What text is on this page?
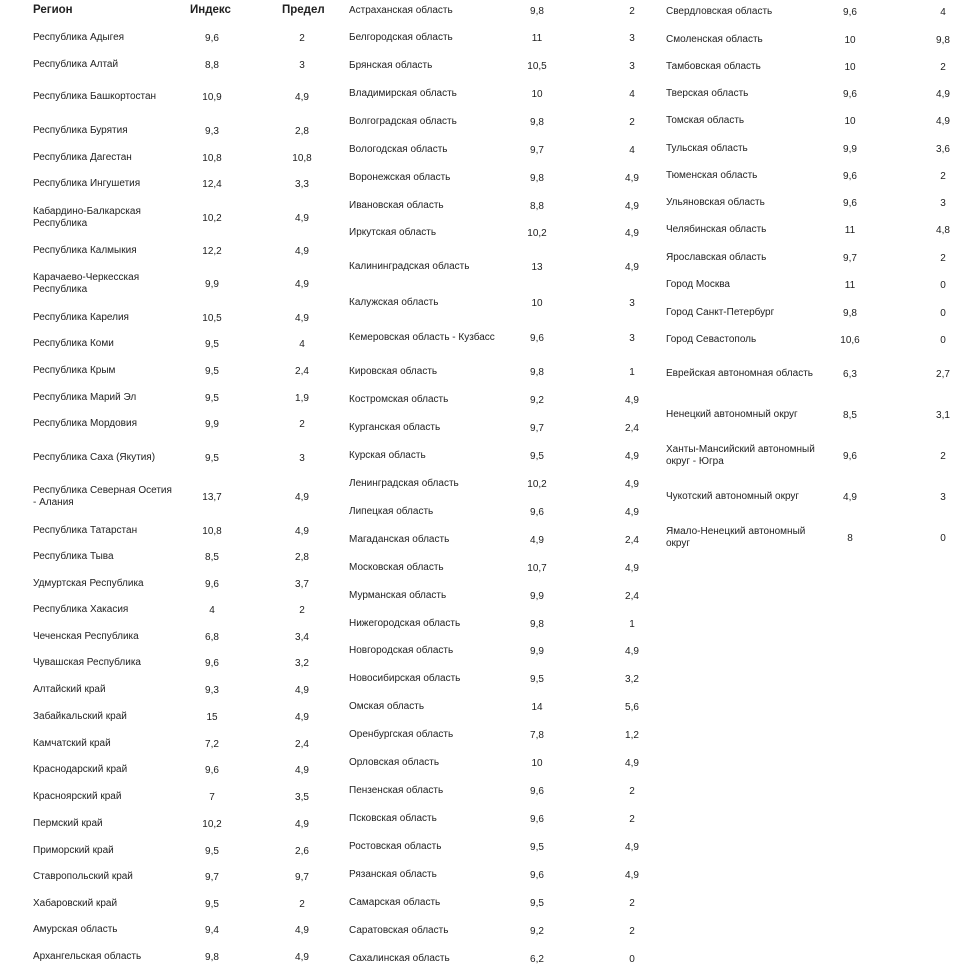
Регион	Индекс	Предел
Республика Адыгея	9,6	2
Республика Алтай	8,8	3
Республика Башкортостан	10,9	4,9
Республика Бурятия	9,3	2,8
Республика Дагестан	10,8	10,8
Республика Ингушетия	12,4	3,3
Кабардино-Балкарская Республика	10,2	4,9
Республика Калмыкия	12,2	4,9
Карачаево-Черкесская Республика	9,9	4,9
Республика Карелия	10,5	4,9
Республика Коми	9,5	4
Республика Крым	9,5	2,4
Республика Марий Эл	9,5	1,9
Республика Мордовия	9,9	2
Республика Саха (Якутия)	9,5	3
Республика Северная Осетия - Алания	13,7	4,9
Республика Татарстан	10,8	4,9
Республика Тыва	8,5	2,8
Удмуртская Республика	9,6	3,7
Республика Хакасия	4	2
Чеченская Республика	6,8	3,4
Чувашская Республика	9,6	3,2
Алтайский край	9,3	4,9
Забайкальский край	15	4,9
Камчатский край	7,2	2,4
Краснодарский край	9,6	4,9
Красноярский край	7	3,5
Пермский край	10,2	4,9
Приморский край	9,5	2,6
Ставропольский край	9,7	9,7
Хабаровский край	9,5	2
Амурская область	9,4	4,9
Архангельская область	9,8	4,9
Астраханская область	9,8	2
Белгородская область	11	3
Брянская область	10,5	3
Владимирская область	10	4
Волгоградская область	9,8	2
Вологодская область	9,7	4
Воронежская область	9,8	4,9
Ивановская область	8,8	4,9
Иркутская область	10,2	4,9
Калининградская область	13	4,9
Калужская область	10	3
Кемеровская область - Кузбасс	9,6	3
Кировская область	9,8	1
Костромская область	9,2	4,9
Курганская область	9,7	2,4
Курская область	9,5	4,9
Ленинградская область	10,2	4,9
Липецкая область	9,6	4,9
Магаданская область	4,9	2,4
Московская область	10,7	4,9
Мурманская область	9,9	2,4
Нижегородская область	9,8	1
Новгородская область	9,9	4,9
Новосибирская область	9,5	3,2
Омская область	14	5,6
Оренбургская область	7,8	1,2
Орловская область	10	4,9
Пензенская область	9,6	2
Псковская область	9,6	2
Ростовская область	9,5	4,9
Рязанская область	9,6	4,9
Самарская область	9,5	2
Саратовская область	9,2	2
Сахалинская область	6,2	0
Свердловская область	9,6	4
Смоленская область	10	9,8
Тамбовская область	10	2
Тверская область	9,6	4,9
Томская область	10	4,9
Тульская область	9,9	3,6
Тюменская область	9,6	2
Ульяновская область	9,6	3
Челябинская область	11	4,8
Ярославская область	9,7	2
Город Москва	11	0
Город Санкт-Петербург	9,8	0
Город Севастополь	10,6	0
Еврейская автономная область	6,3	2,7
Ненецкий автономный округ	8,5	3,1
Ханты-Мансийский автономный округ - Югра	9,6	2
Чукотский автономный округ	4,9	3
Ямало-Ненецкий автономный округ	8	0
